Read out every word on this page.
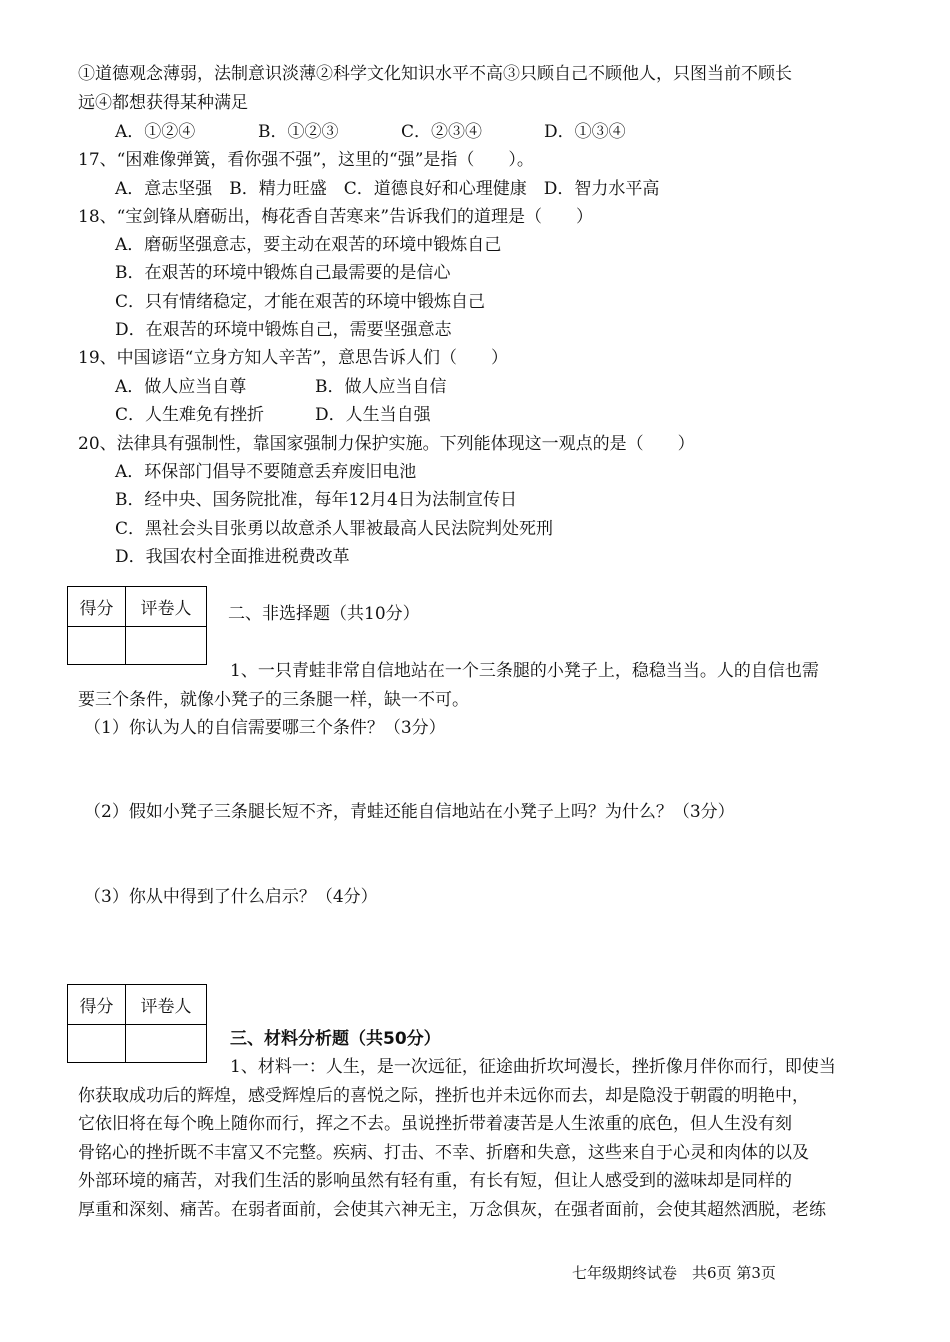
①道德观念薄弱，法制意识淡薄②科学文化知识水平不高③只顾自己不顾他人，只图当前不顾长
远④都想获得某种满足
A．①②④	B．①②③	C．②③④	D．①③④
17、“困难像弹簧，看你强不强”，这里的“强”是指（　　）。
A．意志坚强　B．精力旺盛　C．道德良好和心理健康　D．智力水平高
18、“宝剑锋从磨砺出，梅花香自苦寒来”告诉我们的道理是（　　）
A．磨砺坚强意志，要主动在艰苦的环境中锻炼自己
B．在艰苦的环境中锻炼自己最需要的是信心
C．只有情绪稳定，才能在艰苦的环境中锻炼自己
D．在艰苦的环境中锻炼自己，需要坚强意志
19、中国谚语“立身方知人辛苦”，意思告诉人们（　　）
A．做人应当自尊	B．做人应当自信
C．人生难免有挫折	D．人生当自强
20、法律具有强制性，靠国家强制力保护实施。下列能体现这一观点的是（　　）
A．环保部门倡导不要随意丢弃废旧电池
B．经中央、国务院批准，每年12月4日为法制宣传日
C．黑社会头目张勇以故意杀人罪被最高人民法院判处死刑
D．我国农村全面推进税费改革
得分	评卷人
	二、非选择题（共10分）
1、一只青蛙非常自信地站在一个三条腿的小凳子上，稳稳当当。人的自信也需
要三个条件，就像小凳子的三条腿一样，缺一不可。
（1）你认为人的自信需要哪三个条件？（3分）
（2）假如小凳子三条腿长短不齐，青蛙还能自信地站在小凳子上吗？为什么？（3分）
（3）你从中得到了什么启示？（4分）
得分	评卷人

三、材料分析题（共50分）
1、材料一：人生，是一次远征，征途曲折坎坷漫长，挫折像月伴你而行，即使当
你获取成功后的辉煌，感受辉煌后的喜悦之际，挫折也并未远你而去，却是隐没于朝霞的明艳中，
它依旧将在每个晚上随你而行，挥之不去。虽说挫折带着凄苦是人生浓重的底色，但人生没有刻
骨铭心的挫折既不丰富又不完整。疾病、打击、不幸、折磨和失意，这些来自于心灵和肉体的以及
外部环境的痛苦，对我们生活的影响虽然有轻有重，有长有短，但让人感受到的滋味却是同样的
厚重和深刻、痛苦。在弱者面前，会使其六神无主，万念俱灰，在强者面前，会使其超然洒脱，老练
七年级期终试卷　共6页 第3页
